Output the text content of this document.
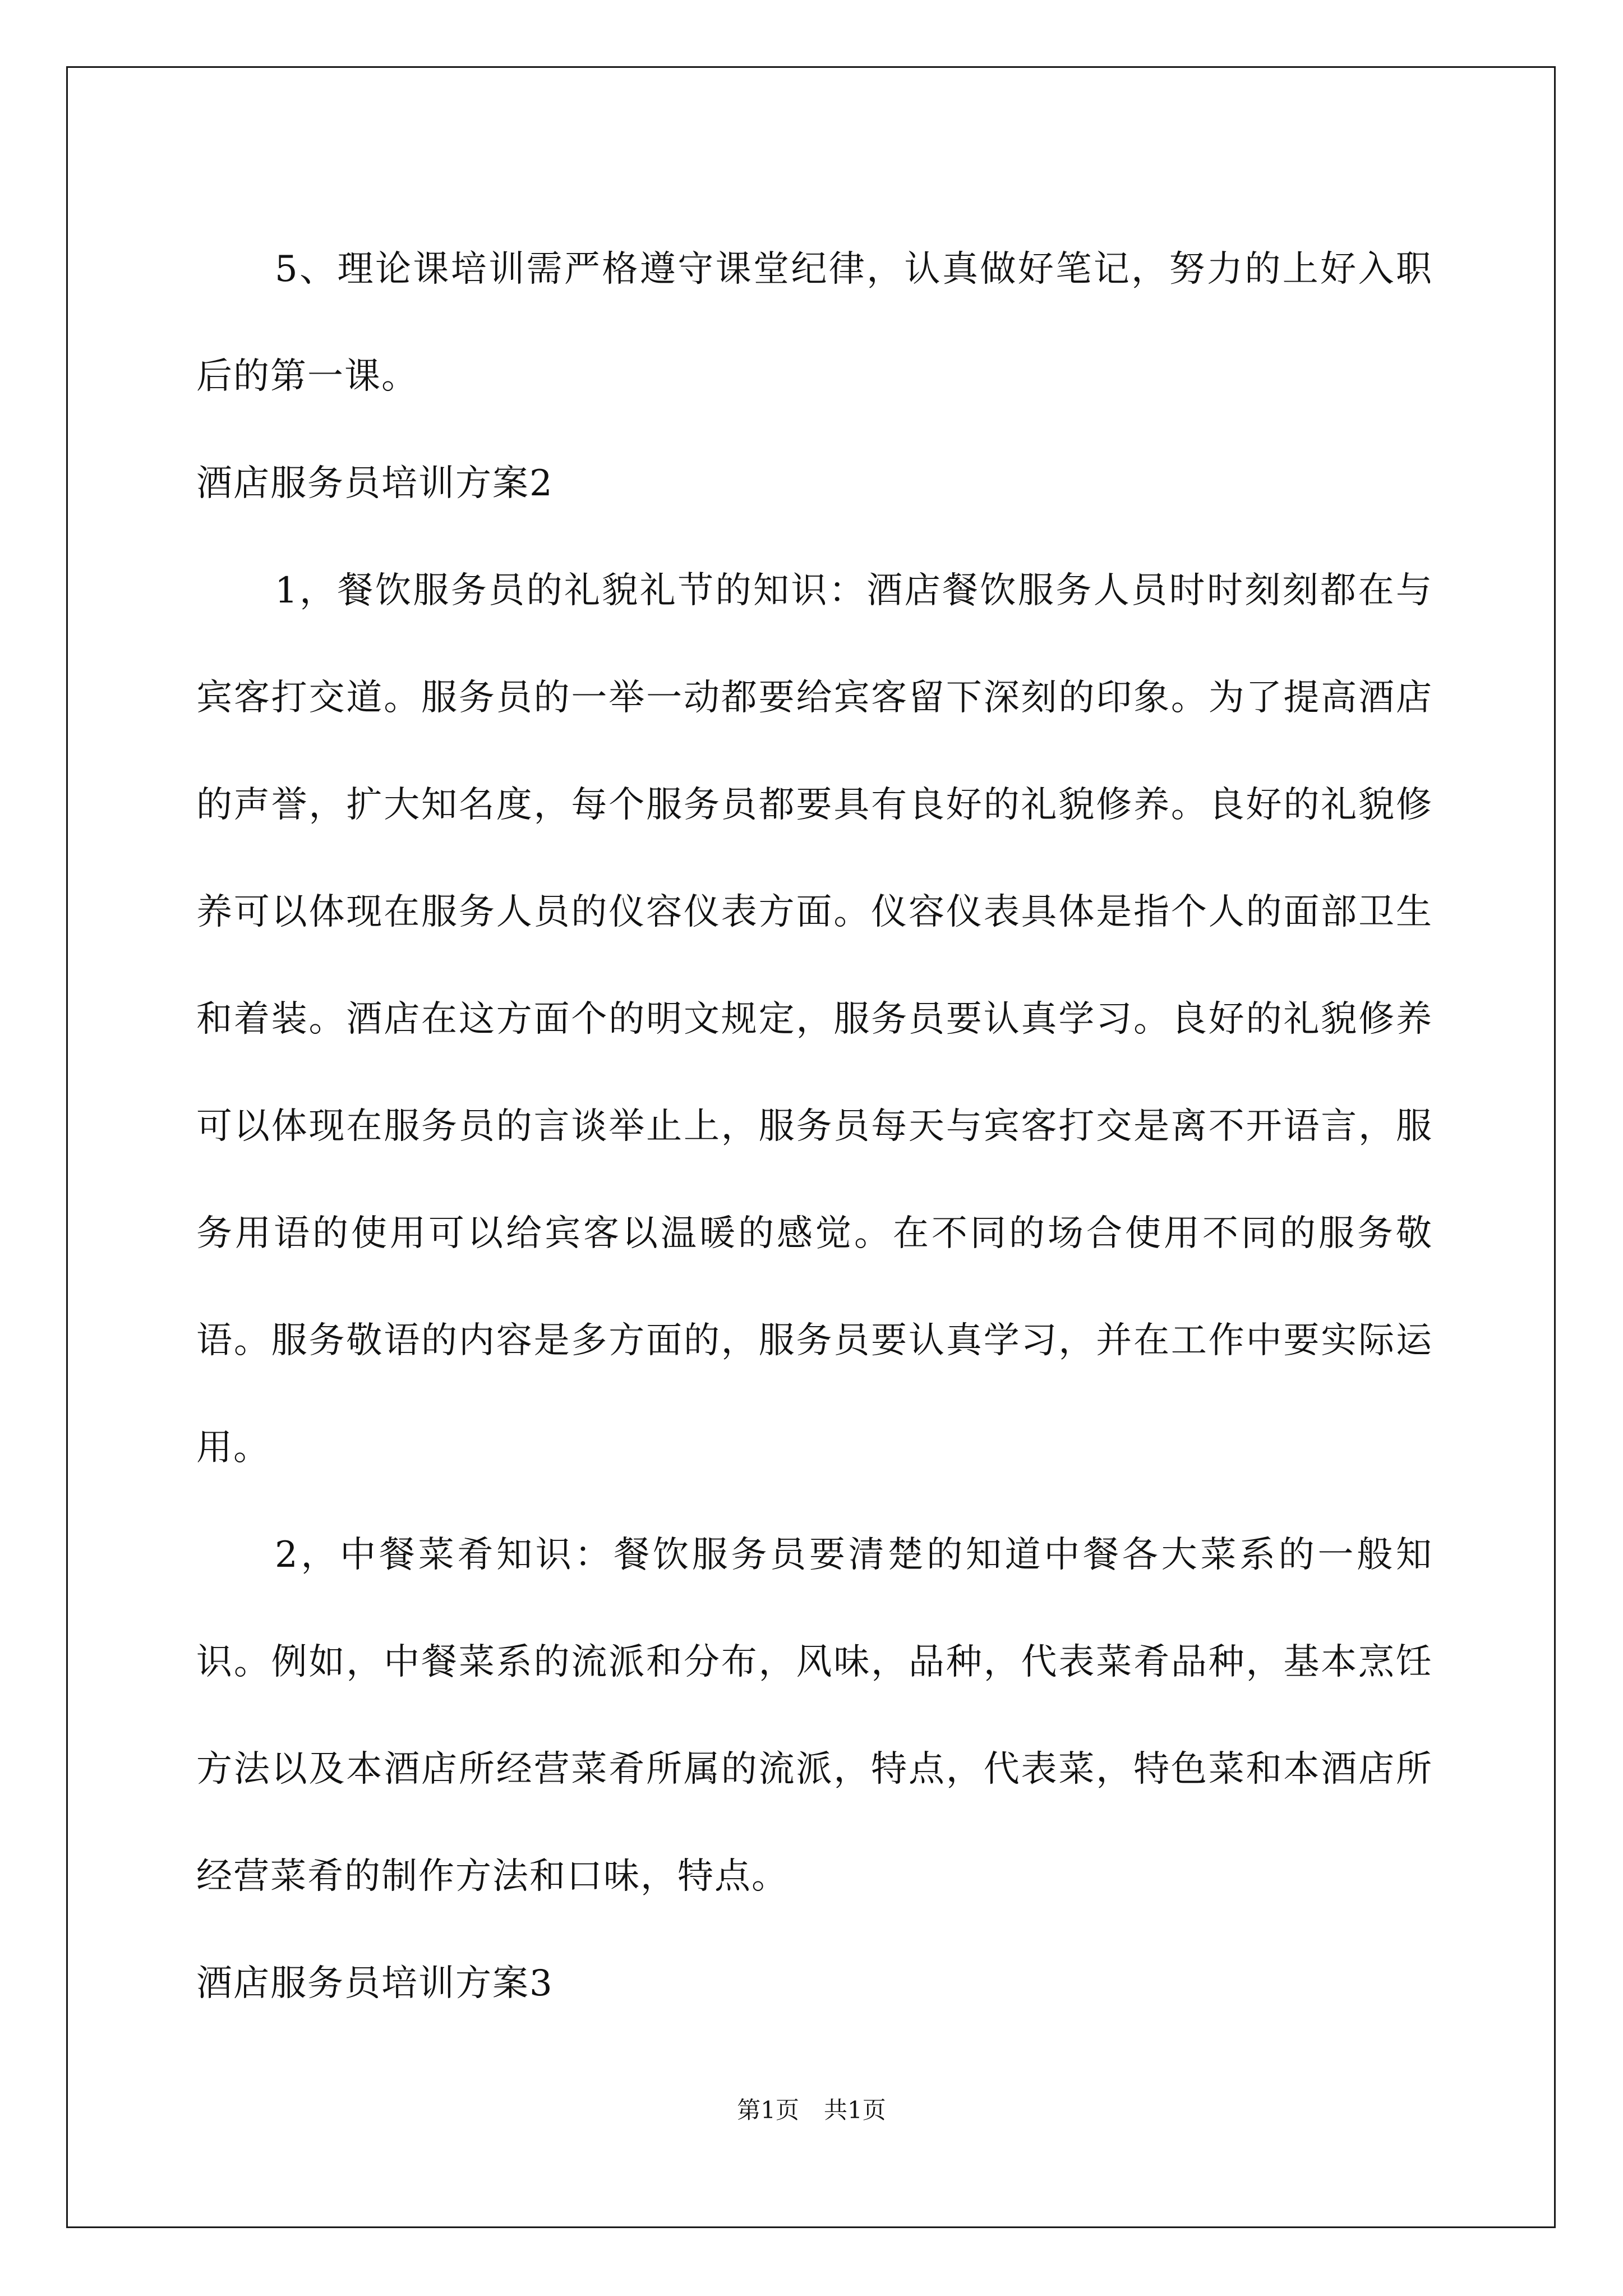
5、理论课培训需严格遵守课堂纪律，认真做好笔记，努力的上好入职后的第一课。

酒店服务员培训方案2

1，餐饮服务员的礼貌礼节的知识：酒店餐饮服务人员时时刻刻都在与宾客打交道。服务员的一举一动都要给宾客留下深刻的印象。为了提高酒店的声誉，扩大知名度，每个服务员都要具有良好的礼貌修养。良好的礼貌修养可以体现在服务人员的仪容仪表方面。仪容仪表具体是指个人的面部卫生和着装。酒店在这方面个的明文规定，服务员要认真学习。良好的礼貌修养可以体现在服务员的言谈举止上，服务员每天与宾客打交是离不开语言，服务用语的使用可以给宾客以温暖的感觉。在不同的场合使用不同的服务敬语。服务敬语的内容是多方面的，服务员要认真学习，并在工作中要实际运用。

2，中餐菜肴知识：餐饮服务员要清楚的知道中餐各大菜系的一般知识。例如，中餐菜系的流派和分布，风味，品种，代表菜肴品种，基本烹饪方法以及本酒店所经营菜肴所属的流派，特点，代表菜，特色菜和本酒店所经营菜肴的制作方法和口味，特点。

酒店服务员培训方案3

第1页 共1页
